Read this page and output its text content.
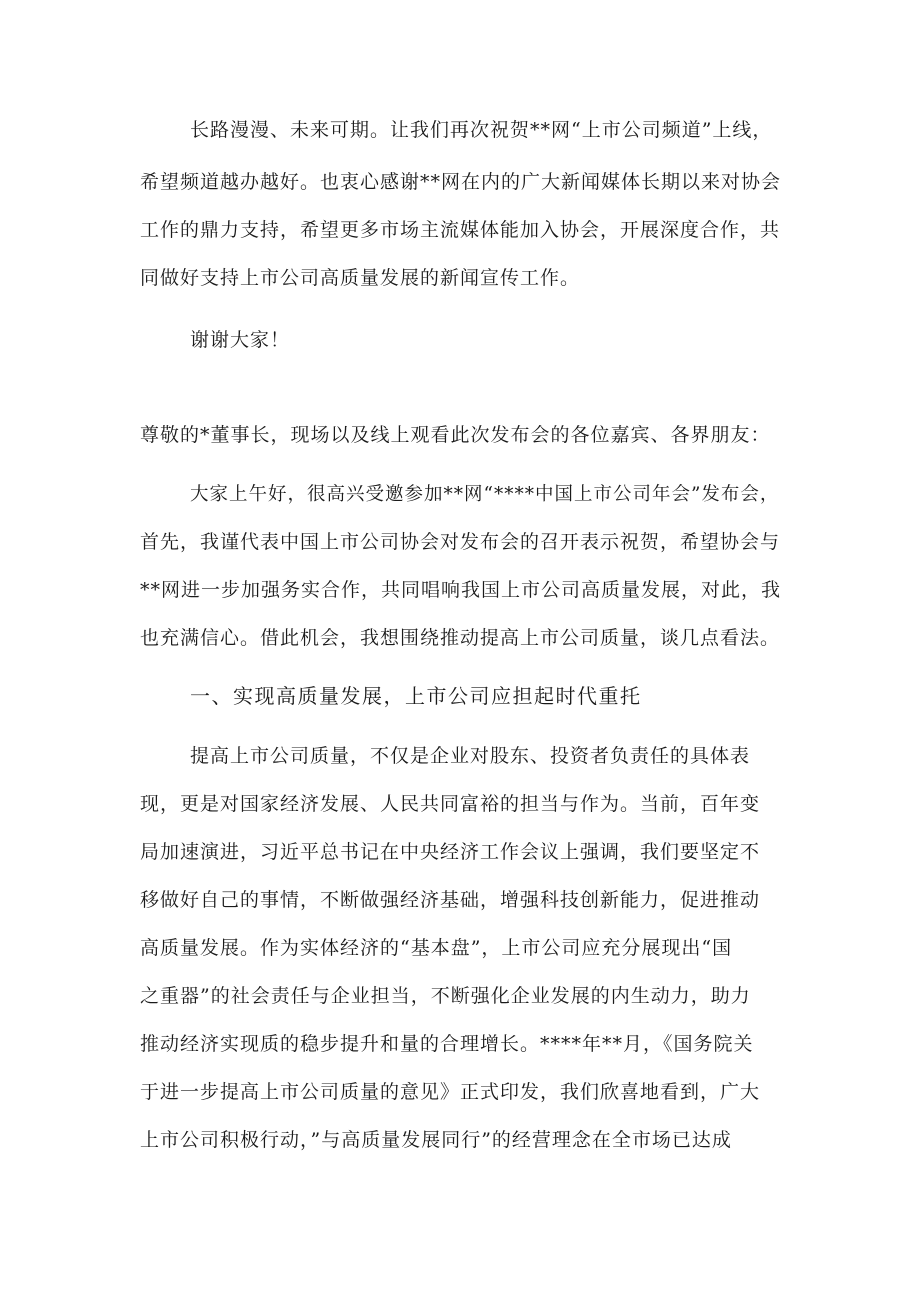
长路漫漫、未来可期。让我们再次祝贺**网“上市公司频道”上线，

希望频道越办越好。也衷心感谢**网在内的广大新闻媒体长期以来对协会

工作的鼎力支持，希望更多市场主流媒体能加入协会，开展深度合作，共

同做好支持上市公司高质量发展的新闻宣传工作。

谢谢大家！

尊敬的*董事长，现场以及线上观看此次发布会的各位嘉宾、各界朋友：

大家上午好，很高兴受邀参加**网“****中国上市公司年会”发布会，

首先，我谨代表中国上市公司协会对发布会的召开表示祝贺，希望协会与

**网进一步加强务实合作，共同唱响我国上市公司高质量发展，对此，我

也充满信心。借此机会，我想围绕推动提高上市公司质量，谈几点看法。

一、实现高质量发展，上市公司应担起时代重托

提高上市公司质量，不仅是企业对股东、投资者负责任的具体表

现，更是对国家经济发展、人民共同富裕的担当与作为。当前，百年变

局加速演进，习近平总书记在中央经济工作会议上强调，我们要坚定不

移做好自己的事情，不断做强经济基础，增强科技创新能力，促进推动

高质量发展。作为实体经济的“基本盘”，上市公司应充分展现出“国

之重器”的社会责任与企业担当，不断强化企业发展的内生动力，助力

推动经济实现质的稳步提升和量的合理增长。****年**月，《国务院关

于进一步提高上市公司质量的意见》正式印发，我们欣喜地看到，广大

上市公司积极行动，”与高质量发展同行”的经营理念在全市场已达成
